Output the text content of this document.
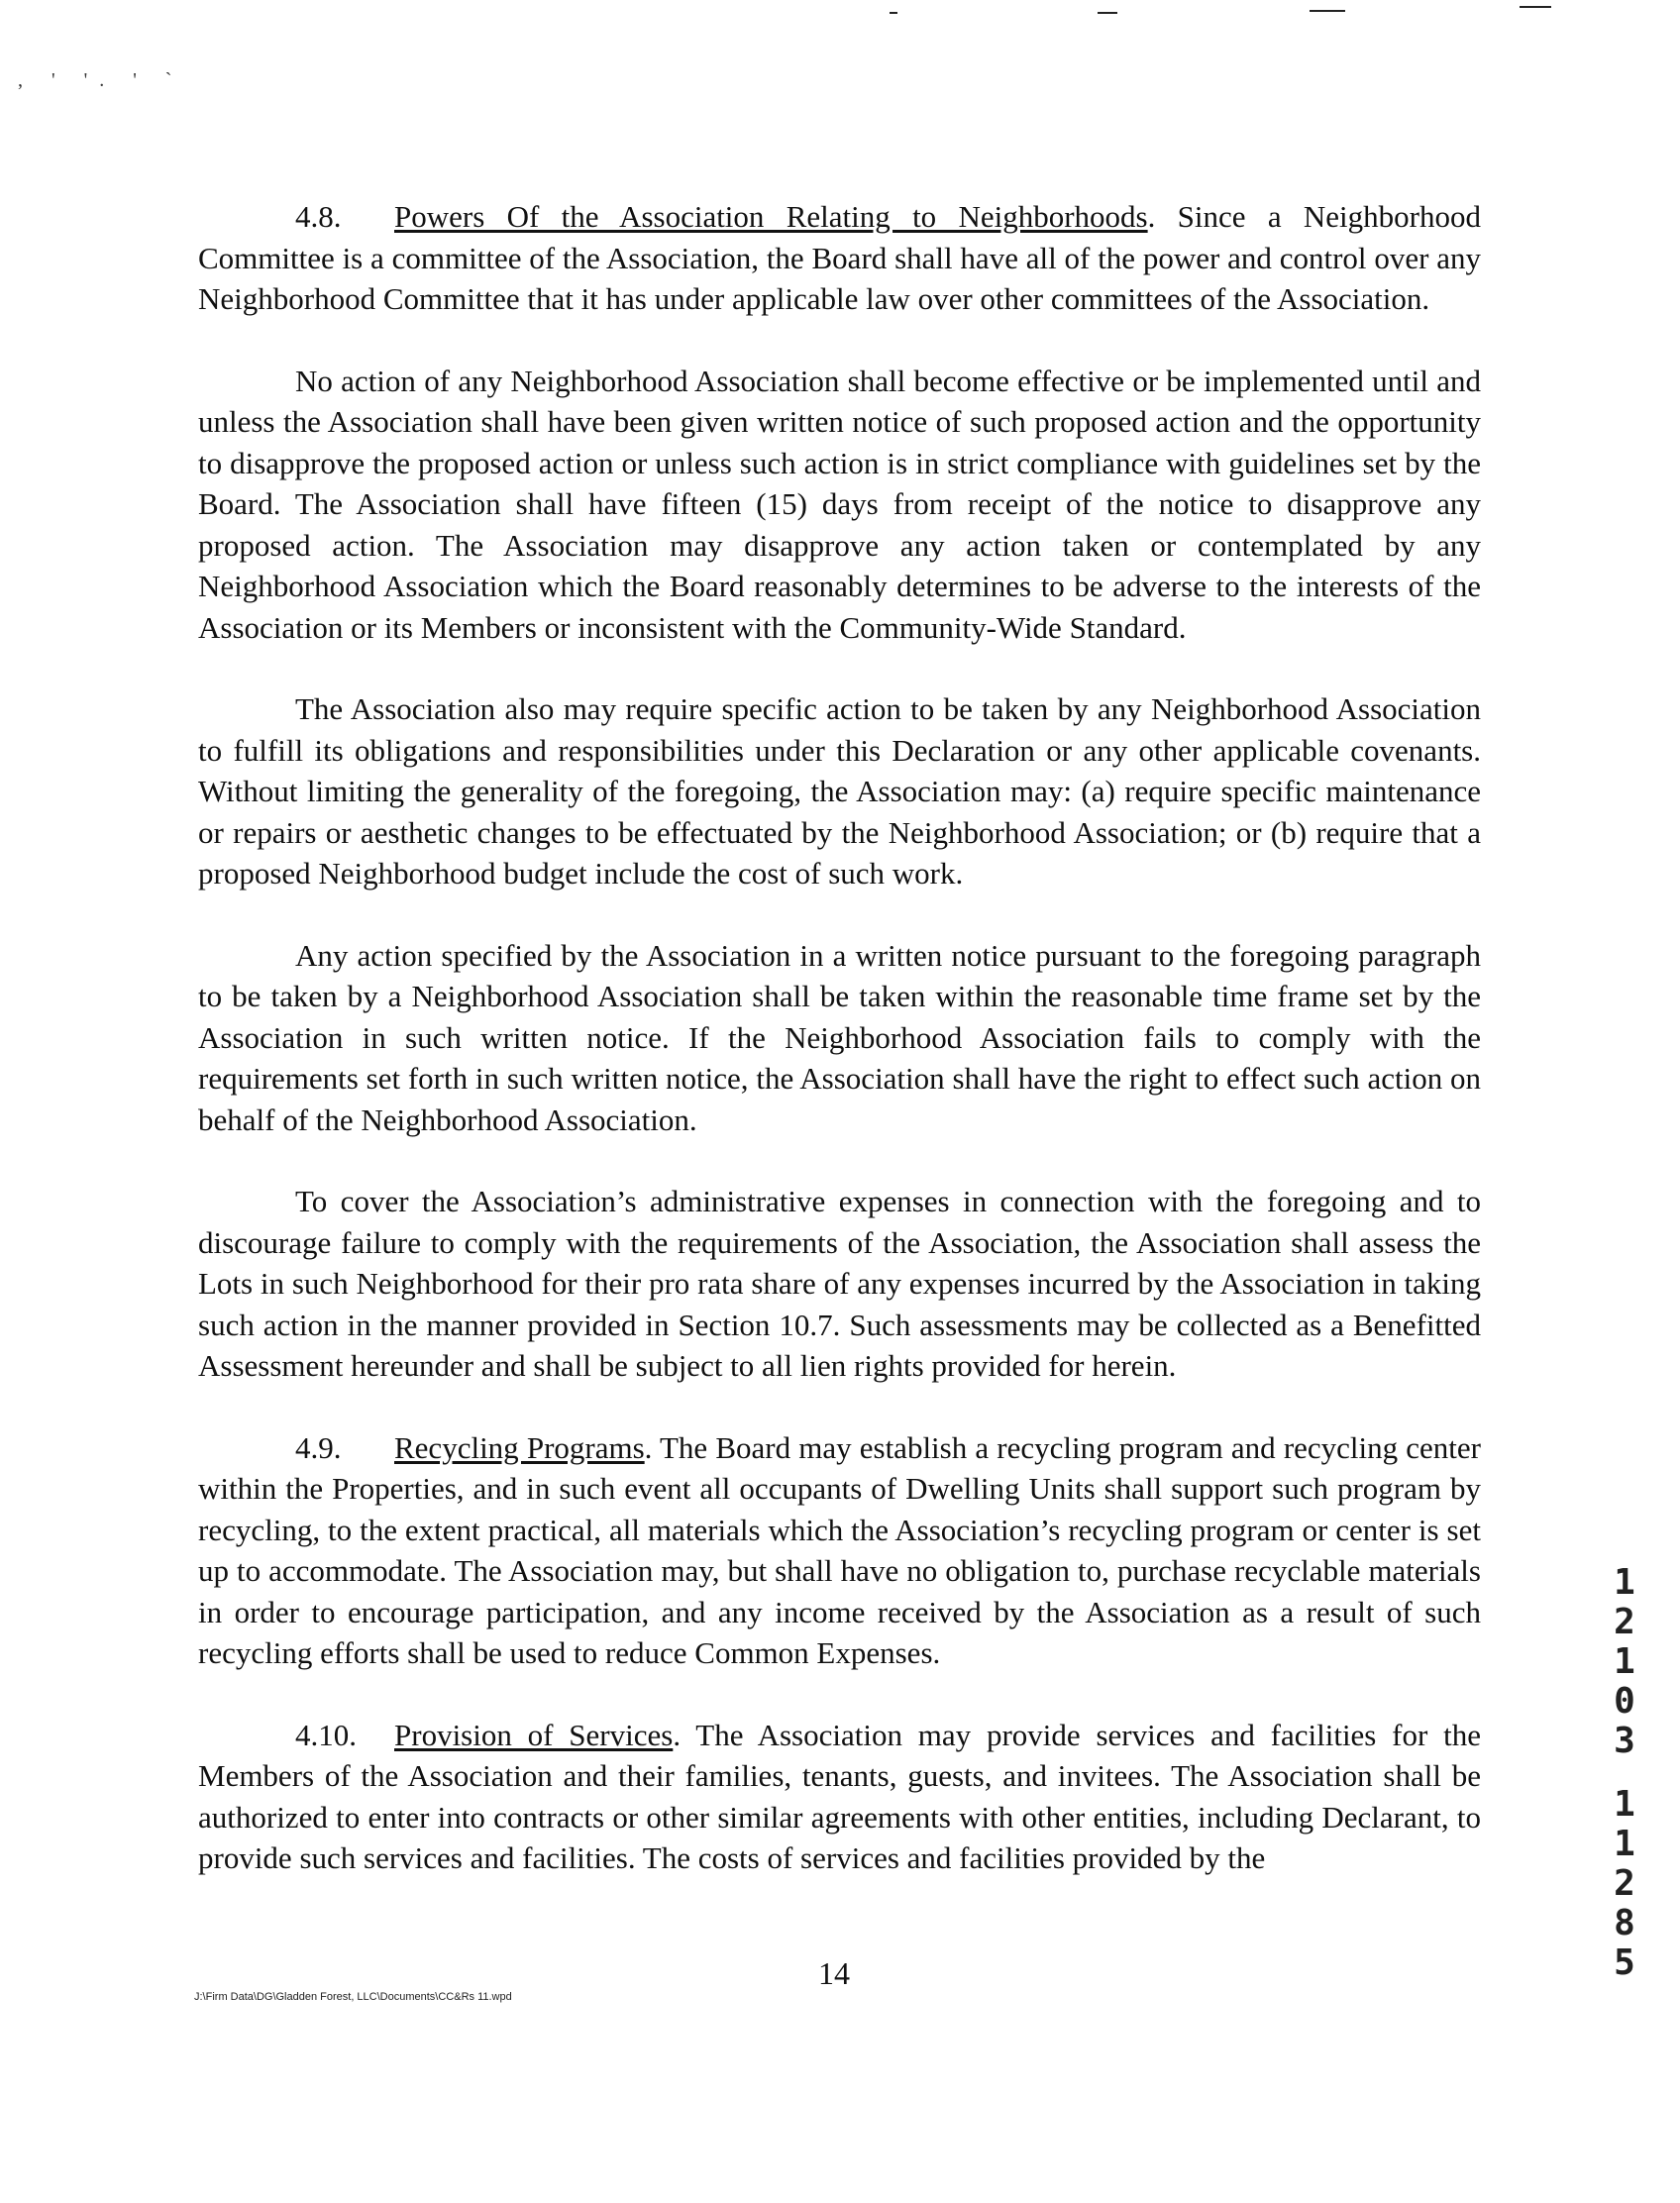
, ' '. ' `

4.8. Powers Of the Association Relating to Neighborhoods. Since a Neighborhood Committee is a committee of the Association, the Board shall have all of the power and control over any Neighborhood Committee that it has under applicable law over other committees of the Association.

No action of any Neighborhood Association shall become effective or be implemented until and unless the Association shall have been given written notice of such proposed action and the opportunity to disapprove the proposed action or unless such action is in strict compliance with guidelines set by the Board. The Association shall have fifteen (15) days from receipt of the notice to disapprove any proposed action. The Association may disapprove any action taken or contemplated by any Neighborhood Association which the Board reasonably determines to be adverse to the interests of the Association or its Members or inconsistent with the Community-Wide Standard.

The Association also may require specific action to be taken by any Neighborhood Association to fulfill its obligations and responsibilities under this Declaration or any other applicable covenants. Without limiting the generality of the foregoing, the Association may: (a) require specific maintenance or repairs or aesthetic changes to be effectuated by the Neighborhood Association; or (b) require that a proposed Neighborhood budget include the cost of such work.

Any action specified by the Association in a written notice pursuant to the foregoing paragraph to be taken by a Neighborhood Association shall be taken within the reasonable time frame set by the Association in such written notice. If the Neighborhood Association fails to comply with the requirements set forth in such written notice, the Association shall have the right to effect such action on behalf of the Neighborhood Association.

To cover the Association’s administrative expenses in connection with the foregoing and to discourage failure to comply with the requirements of the Association, the Association shall assess the Lots in such Neighborhood for their pro rata share of any expenses incurred by the Association in taking such action in the manner provided in Section 10.7. Such assessments may be collected as a Benefitted Assessment hereunder and shall be subject to all lien rights provided for herein.

4.9. Recycling Programs. The Board may establish a recycling program and recycling center within the Properties, and in such event all occupants of Dwelling Units shall support such program by recycling, to the extent practical, all materials which the Association’s recycling program or center is set up to accommodate. The Association may, but shall have no obligation to, purchase recyclable materials in order to encourage participation, and any income received by the Association as a result of such recycling efforts shall be used to reduce Common Expenses.

4.10. Provision of Services. The Association may provide services and facilities for the Members of the Association and their families, tenants, guests, and invitees. The Association shall be authorized to enter into contracts or other similar agreements with other entities, including Declarant, to provide such services and facilities. The costs of services and facilities provided by the

J:\Firm Data\DG\Gladden Forest, LLC\Documents\CC&Rs 11.wpd
14
1
2
1
0
3
1
1
2
8
5
